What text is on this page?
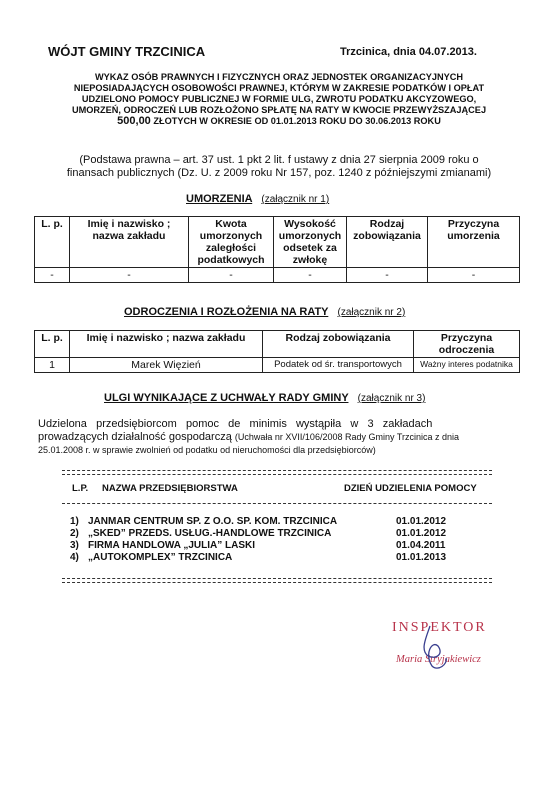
WÓJT GMINY TRZCINICA	Trzcinica, dnia 04.07.2013.
WYKAZ OSÓB PRAWNYCH I FIZYCZNYCH ORAZ JEDNOSTEK ORGANIZACYJNYCH
NIEPOSIADAJĄCYCH OSOBOWOŚCI PRAWNEJ, KTÓRYM W ZAKRESIE PODATKÓW I OPŁAT
UDZIELONO POMOCY PUBLICZNEJ W FORMIE ULG, ZWROTU PODATKU AKCYZOWEGO,
UMORZEŃ, ODROCZEŃ LUB ROZŁOŻONO SPŁATĘ NA RATY W KWOCIE PRZEWYŻSZAJĄCEJ
500,00 ZŁOTYCH W OKRESIE OD 01.01.2013 ROKU DO 30.06.2013 ROKU
(Podstawa prawna – art. 37 ust. 1 pkt 2 lit. f ustawy z dnia 27 sierpnia 2009 roku o
finansach publicznych (Dz. U. z 2009 roku Nr 157, poz. 1240 z późniejszymi zmianami)
UMORZENIA (załącznik nr 1)
L. p.	Imię i nazwisko ; nazwa zakładu	Kwota umorzonych zaległości podatkowych	Wysokość umorzonych odsetek za zwłokę	Rodzaj zobowiązania	Przyczyna umorzenia
-	-	-	-	-	-
ODROCZENIA I ROZŁOŻENIA NA RATY (załącznik nr 2)
L. p.	Imię i nazwisko ; nazwa zakładu	Rodzaj zobowiązania	Przyczyna odroczenia
1	Marek Więzień	Podatek od śr. transportowych	Ważny interes podatnika
ULGI WYNIKAJĄCE Z UCHWAŁY RADY GMINY (załącznik nr 3)
Udzielona   przedsiębiorcom   pomoc   de   minimis   wystąpiła   w   3   zakładach
prowadzących działalność gospodarczą (Uchwała nr XVII/106/2008 Rady Gminy Trzcinica z dnia
25.01.2008 r. w sprawie zwolnień od podatku od nieruchomości dla przedsiębiorców)
L.P. NAZWA PRZEDSIĘBIORSTWA	DZIEŃ UDZIELENIA POMOCY
1) JANMAR CENTRUM SP. Z O.O. SP. KOM. TRZCINICA	01.01.2012
2) „SKED” PRZEDS. USŁUG.-HANDLOWE TRZCINICA	01.01.2012
3) FIRMA HANDLOWA „JULIA” LASKI	01.04.2011
4) „AUTOKOMPLEX” TRZCINICA	01.01.2013
INSPEKTOR
Maria Stryjakiewicz
